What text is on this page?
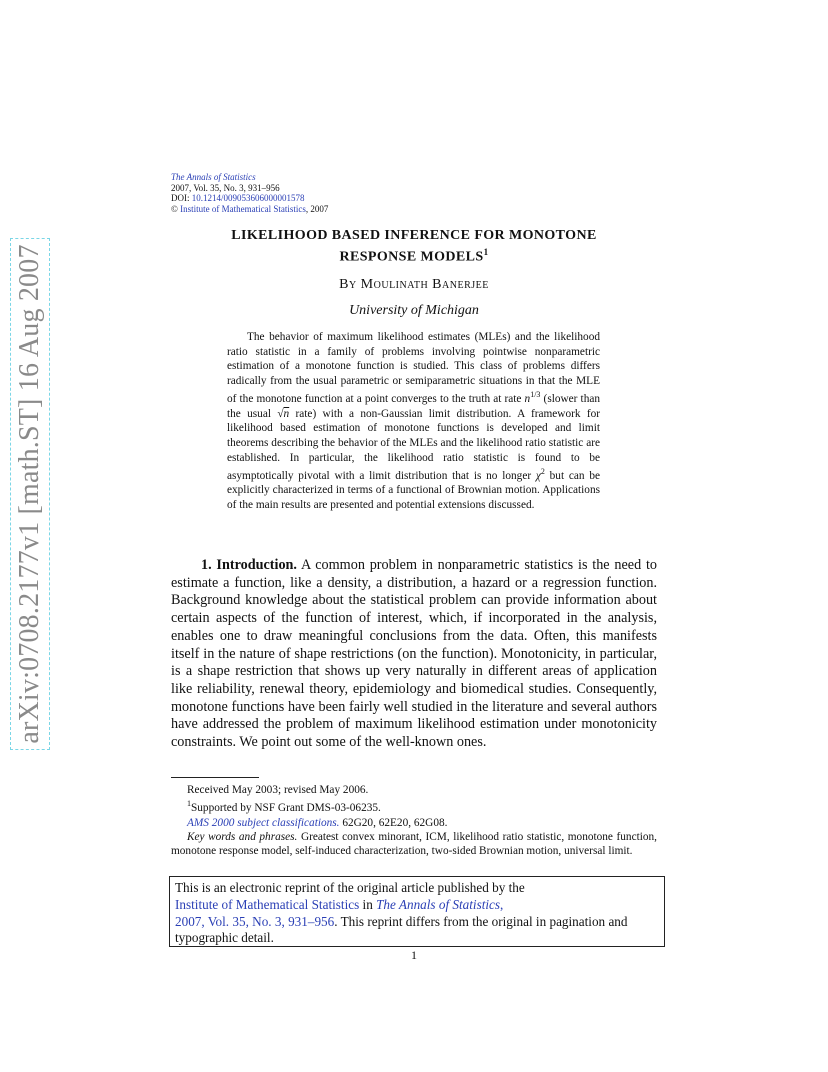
arXiv:0708.2177v1 [math.ST] 16 Aug 2007
The Annals of Statistics
2007, Vol. 35, No. 3, 931–956
DOI: 10.1214/009053606000001578
© Institute of Mathematical Statistics, 2007
LIKELIHOOD BASED INFERENCE FOR MONOTONE
RESPONSE MODELS$^1$
By Moulinath Banerjee
University of Michigan
The behavior of maximum likelihood estimates (MLEs) and the likelihood ratio statistic in a family of problems involving pointwise nonparametric estimation of a monotone function is studied. This class of problems differs radically from the usual parametric or semiparametric situations in that the MLE of the monotone function at a point converges to the truth at rate $n^{1/3}$ (slower than the usual √n rate) with a non-Gaussian limit distribution. A framework for likelihood based estimation of monotone functions is developed and limit theorems describing the behavior of the MLEs and the likelihood ratio statistic are established. In particular, the likelihood ratio statistic is found to be asymptotically pivotal with a limit distribution that is no longer $\chi^2$ but can be explicitly characterized in terms of a functional of Brownian motion. Applications of the main results are presented and potential extensions discussed.
1. Introduction. A common problem in nonparametric statistics is the need to estimate a function, like a density, a distribution, a hazard or a regression function. Background knowledge about the statistical problem can provide information about certain aspects of the function of interest, which, if incorporated in the analysis, enables one to draw meaningful conclusions from the data. Often, this manifests itself in the nature of shape restrictions (on the function). Monotonicity, in particular, is a shape restriction that shows up very naturally in different areas of application like reliability, renewal theory, epidemiology and biomedical studies. Consequently, monotone functions have been fairly well studied in the literature and several authors have addressed the problem of maximum likelihood estimation under monotonicity constraints. We point out some of the well-known ones.

Received May 2003; revised May 2006.

$^1$Supported by NSF Grant DMS-03-06235.

AMS 2000 subject classifications. 62G20, 62E20, 62G08.

Key words and phrases. Greatest convex minorant, ICM, likelihood ratio statistic, monotone function, monotone response model, self-induced characterization, two-sided Brownian motion, universal limit.

This is an electronic reprint of the original article published by the
Institute of Mathematical Statistics in The Annals of Statistics,
2007, Vol. 35, No. 3, 931–956. This reprint differs from the original in pagination and typographic detail.
1
